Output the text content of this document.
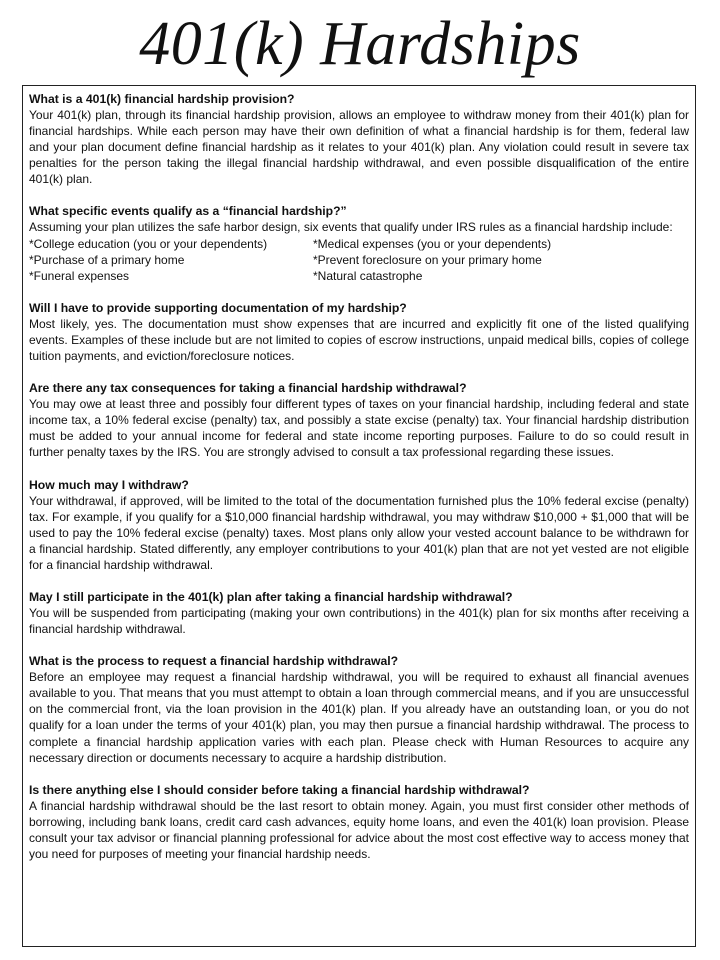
401(k) Hardships

What is a 401(k) financial hardship provision?

Your 401(k) plan, through its financial hardship provision, allows an employee to withdraw money from their 401(k) plan for financial hardships. While each person may have their own definition of what a financial hardship is for them, federal law and your plan document define financial hardship as it relates to your 401(k) plan. Any violation could result in severe tax penalties for the person taking the illegal financial hardship withdrawal, and even possible disqualification of the entire 401(k) plan.

What specific events qualify as a “financial hardship?”

Assuming your plan utilizes the safe harbor design, six events that qualify under IRS rules as a financial hardship include:

*College education (you or your dependents)	*Medical expenses (you or your dependents)
*Purchase of a primary home	*Prevent foreclosure on your primary home
*Funeral expenses	*Natural catastrophe

Will I have to provide supporting documentation of my hardship?

Most likely, yes. The documentation must show expenses that are incurred and explicitly fit one of the listed qualifying events. Examples of these include but are not limited to copies of escrow instructions, unpaid medical bills, copies of college tuition payments, and eviction/foreclosure notices.

Are there any tax consequences for taking a financial hardship withdrawal?

You may owe at least three and possibly four different types of taxes on your financial hardship, including federal and state income tax, a 10% federal excise (penalty) tax, and possibly a state excise (penalty) tax. Your financial hardship distribution must be added to your annual income for federal and state income reporting purposes. Failure to do so could result in further penalty taxes by the IRS. You are strongly advised to consult a tax professional regarding these issues.

How much may I withdraw?

Your withdrawal, if approved, will be limited to the total of the documentation furnished plus the 10% federal excise (penalty) tax. For example, if you qualify for a $10,000 financial hardship withdrawal, you may withdraw $10,000 + $1,000 that will be used to pay the 10% federal excise (penalty) taxes. Most plans only allow your vested account balance to be withdrawn for a financial hardship. Stated differently, any employer contributions to your 401(k) plan that are not yet vested are not eligible for a financial hardship withdrawal.

May I still participate in the 401(k) plan after taking a financial hardship withdrawal?

You will be suspended from participating (making your own contributions) in the 401(k) plan for six months after receiving a financial hardship withdrawal.

What is the process to request a financial hardship withdrawal?

Before an employee may request a financial hardship withdrawal, you will be required to exhaust all financial avenues available to you. That means that you must attempt to obtain a loan through commercial means, and if you are unsuccessful on the commercial front, via the loan provision in the 401(k) plan. If you already have an outstanding loan, or you do not qualify for a loan under the terms of your 401(k) plan, you may then pursue a financial hardship withdrawal. The process to complete a financial hardship application varies with each plan. Please check with Human Resources to acquire any necessary direction or documents necessary to acquire a hardship distribution.

Is there anything else I should consider before taking a financial hardship withdrawal?

A financial hardship withdrawal should be the last resort to obtain money. Again, you must first consider other methods of borrowing, including bank loans, credit card cash advances, equity home loans, and even the 401(k) loan provision. Please consult your tax advisor or financial planning professional for advice about the most cost effective way to access money that you need for purposes of meeting your financial hardship needs.
